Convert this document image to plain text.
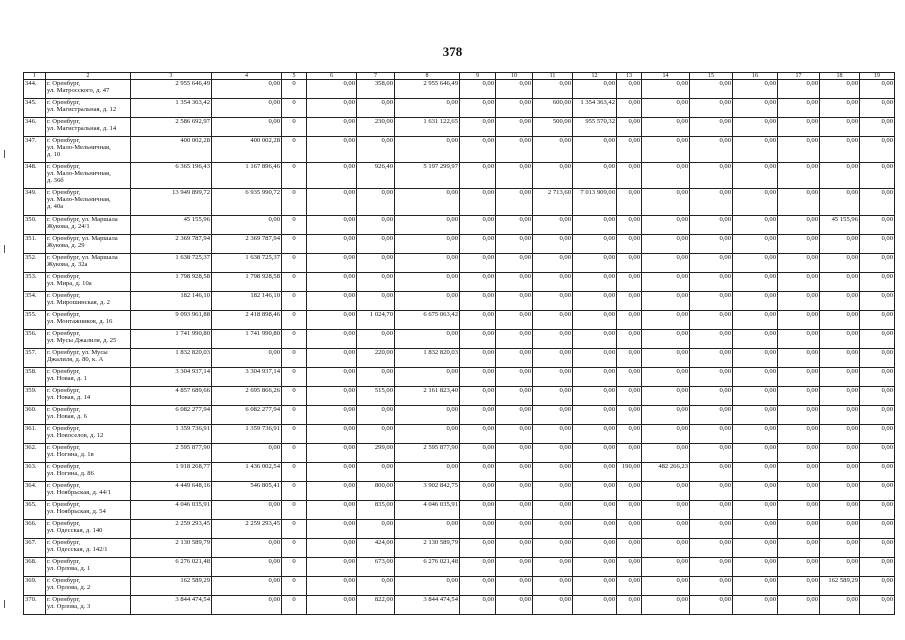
378
1	2	3	4	5	6	7	8	9	10	11	12	13	14	15	16	17	18	19
344.	г. Оренбург,
ул. Матросского, д. 47	2 955 646,49	0,00	0	0,00	358,00	2 955 646,49	0,00	0,00	0,00	0,00	0,00	0,00	0,00	0,00	0,00	0,00	0,00
345.	г. Оренбург,
ул. Магистральная, д. 12	1 354 363,42	0,00	0	0,00	0,00	0,00	0,00	0,00	600,00	1 354 363,42	0,00	0,00	0,00	0,00	0,00	0,00	0,00
346.	г. Оренбург,
ул. Магистральная, д. 14	2 586 692,97	0,00	0	0,00	230,00	1 631 122,65	0,00	0,00	500,00	955 570,32	0,00	0,00	0,00	0,00	0,00	0,00	0,00
347.	г. Оренбург,
ул. Мало-Мельничная,
д. 10	400 002,28	400 002,28	0	0,00	0,00	0,00	0,00	0,00	0,00	0,00	0,00	0,00	0,00	0,00	0,00	0,00	0,00
348.	г. Оренбург,
ул. Мало-Мельничная,
д. 36б	6 365 196,43	1 167 896,46	0	0,00	926,40	5 197 299,97	0,00	0,00	0,00	0,00	0,00	0,00	0,00	0,00	0,00	0,00	0,00
349.	г. Оренбург,
ул. Мало-Мельничная,
д. 40а	13 949 899,72	6 935 990,72	0	0,00	0,00	0,00	0,00	0,00	2 713,60	7 013 909,00	0,00	0,00	0,00	0,00	0,00	0,00	0,00
350.	г. Оренбург, ул. Маршала
Жукова, д. 24/1	45 155,96	0,00	0	0,00	0,00	0,00	0,00	0,00	0,00	0,00	0,00	0,00	0,00	0,00	0,00	45 155,96	0,00
351.	г. Оренбург, ул. Маршала
Жукова, д. 29	2 369 787,94	2 369 787,94	0	0,00	0,00	0,00	0,00	0,00	0,00	0,00	0,00	0,00	0,00	0,00	0,00	0,00	0,00
352.	г. Оренбург, ул. Маршала
Жукова, д. 32а	1 638 725,37	1 638 725,37	0	0,00	0,00	0,00	0,00	0,00	0,00	0,00	0,00	0,00	0,00	0,00	0,00	0,00	0,00
353.	г. Оренбург,
ул. Мира, д. 10а	1 798 928,58	1 798 928,58	0	0,00	0,00	0,00	0,00	0,00	0,00	0,00	0,00	0,00	0,00	0,00	0,00	0,00	0,00
354.	г. Оренбург,
ул. Мирошинская, д. 2	182 146,10	182 146,10	0	0,00	0,00	0,00	0,00	0,00	0,00	0,00	0,00	0,00	0,00	0,00	0,00	0,00	0,00
355.	г. Оренбург,
ул. Монтажников, д. 16	9 093 961,88	2 418 898,46	0	0,00	1 024,70	6 675 063,42	0,00	0,00	0,00	0,00	0,00	0,00	0,00	0,00	0,00	0,00	0,00
356.	г. Оренбург,
ул. Мусы Джалиля, д. 25	1 741 990,80	1 741 990,80	0	0,00	0,00	0,00	0,00	0,00	0,00	0,00	0,00	0,00	0,00	0,00	0,00	0,00	0,00
357.	г. Оренбург, ул. Мусы
Джалиля, д. 80, к. А	1 832 820,03	0,00	0	0,00	220,00	1 832 820,03	0,00	0,00	0,00	0,00	0,00	0,00	0,00	0,00	0,00	0,00	0,00
358.	г. Оренбург,
ул. Новая, д. 1	3 304 937,14	3 304 937,14	0	0,00	0,00	0,00	0,00	0,00	0,00	0,00	0,00	0,00	0,00	0,00	0,00	0,00	0,00
359.	г. Оренбург,
ул. Новая, д. 14	4 857 689,66	2 695 866,26	0	0,00	515,00	2 161 823,40	0,00	0,00	0,00	0,00	0,00	0,00	0,00	0,00	0,00	0,00	0,00
360.	г. Оренбург,
ул. Новая, д. 6	6 082 277,94	6 082 277,94	0	0,00	0,00	0,00	0,00	0,00	0,00	0,00	0,00	0,00	0,00	0,00	0,00	0,00	0,00
361.	г. Оренбург,
ул. Новоселов, д. 12	1 359 736,91	1 359 736,91	0	0,00	0,00	0,00	0,00	0,00	0,00	0,00	0,00	0,00	0,00	0,00	0,00	0,00	0,00
362.	г. Оренбург,
ул. Ногина, д. 1в	2 595 877,90	0,00	0	0,00	299,00	2 595 877,90	0,00	0,00	0,00	0,00	0,00	0,00	0,00	0,00	0,00	0,00	0,00
363.	г. Оренбург,
ул. Ногина, д. 86	1 918 268,77	1 436 002,54	0	0,00	0,00	0,00	0,00	0,00	0,00	0,00	190,00	482 266,23	0,00	0,00	0,00	0,00	0,00
364.	г. Оренбург,
ул. Ноябрьская, д. 44/1	4 449 648,16	546 805,41	0	0,00	800,00	3 902 842,75	0,00	0,00	0,00	0,00	0,00	0,00	0,00	0,00	0,00	0,00	0,00
365.	г. Оренбург,
ул. Ноябрьская, д. 54	4 046 035,91	0,00	0	0,00	835,00	4 046 035,91	0,00	0,00	0,00	0,00	0,00	0,00	0,00	0,00	0,00	0,00	0,00
366.	г. Оренбург,
ул. Одесская, д. 140	2 259 293,45	2 259 293,45	0	0,00	0,00	0,00	0,00	0,00	0,00	0,00	0,00	0,00	0,00	0,00	0,00	0,00	0,00
367.	г. Оренбург,
ул. Одесская, д. 142/1	2 130 589,79	0,00	0	0,00	424,00	2 130 589,79	0,00	0,00	0,00	0,00	0,00	0,00	0,00	0,00	0,00	0,00	0,00
368.	г. Оренбург,
ул. Орлова, д. 1	6 276 021,48	0,00	0	0,00	673,00	6 276 021,48	0,00	0,00	0,00	0,00	0,00	0,00	0,00	0,00	0,00	0,00	0,00
369.	г. Оренбург,
ул. Орлова, д. 2	162 589,29	0,00	0	0,00	0,00	0,00	0,00	0,00	0,00	0,00	0,00	0,00	0,00	0,00	0,00	162 589,29	0,00
370.	г. Оренбург,
ул. Орлова, д. 3	3 844 474,54	0,00	0	0,00	822,00	3 844 474,54	0,00	0,00	0,00	0,00	0,00	0,00	0,00	0,00	0,00	0,00	0,00
